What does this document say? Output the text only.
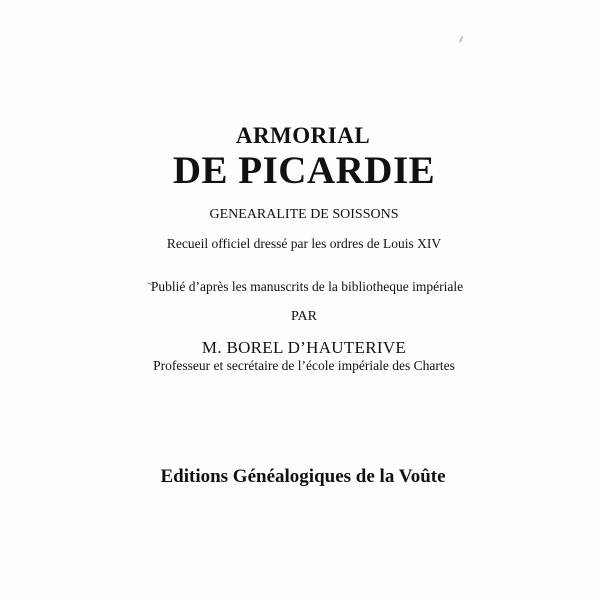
⁄⁄
ARMORIAL
DE PICARDIE
GENEARALITE DE SOISSONS
Recueil officiel dressé par les ordres de Louis XIV
Publié d’après les manuscrits de la bibliotheque impériale
PAR
M. BOREL D’HAUTERIVE
Professeur et secrétaire de l’école impériale des Chartes
Editions Généalogiques de la Voûte
